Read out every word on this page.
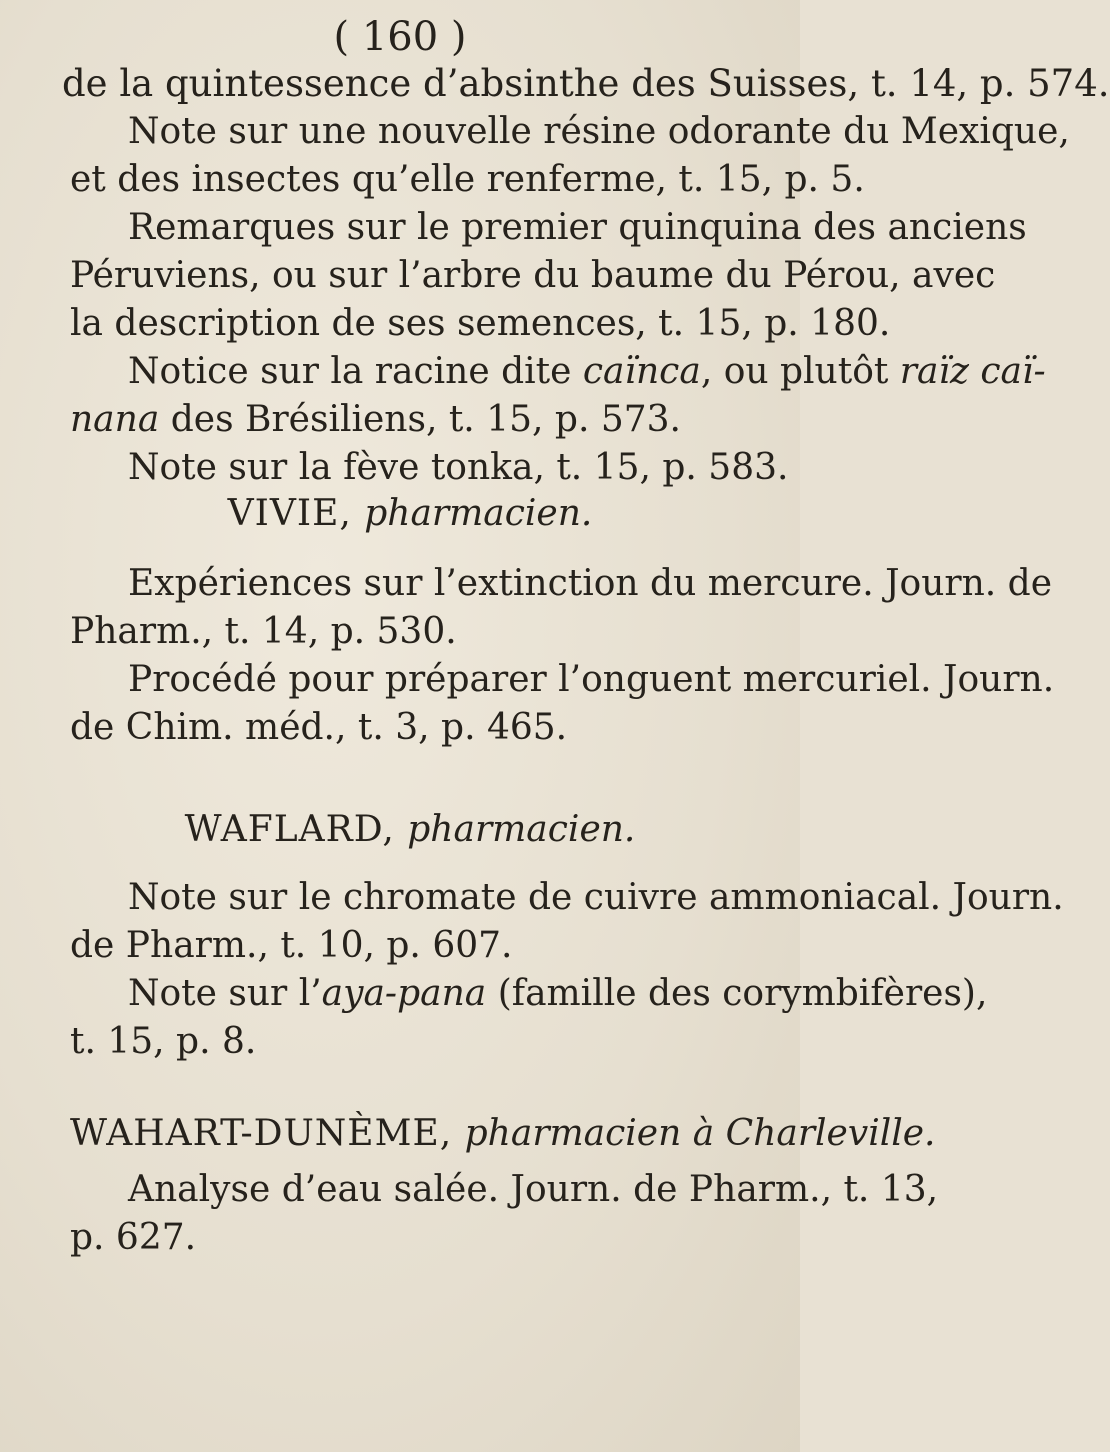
( 160 )
de la quintessence d’absinthe des Suisses, t. 14, p. 574.
Note sur une nouvelle résine odorante du Mexique,
et des insectes qu’elle renferme, t. 15, p. 5.
Remarques sur le premier quinquina des anciens
Péruviens, ou sur l’arbre du baume du Pérou, avec
la description de ses semences, t. 15, p. 180.
Notice sur la racine dite caïnca, ou plutôt raïz caï-
nana des Brésiliens, t. 15, p. 573.
Note sur la fève tonka, t. 15, p. 583.
VIVIE, pharmacien.
Expériences sur l’extinction du mercure. Journ. de
Pharm., t. 14, p. 530.
Procédé pour préparer l’onguent mercuriel. Journ.
de Chim. méd., t. 3, p. 465.
WAFLARD, pharmacien.
Note sur le chromate de cuivre ammoniacal. Journ.
de Pharm., t. 10, p. 607.
Note sur l’aya-pana (famille des corymbifères),
t. 15, p. 8.
WAHART-DUNÈME, pharmacien à Charleville.
Analyse d’eau salée. Journ. de Pharm., t. 13,
p. 627.
